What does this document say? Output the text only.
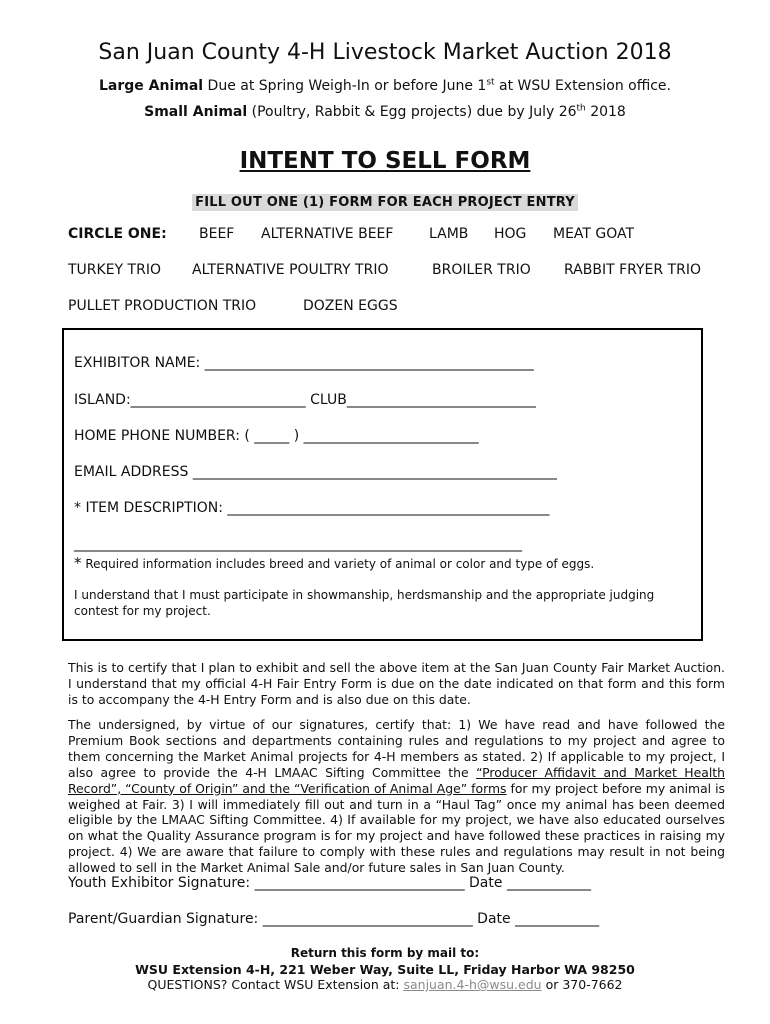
San Juan County 4-H Livestock Market Auction 2018
Large Animal Due at Spring Weigh-In or before June 1st at WSU Extension office.
Small Animal (Poultry, Rabbit & Egg projects) due by July 26th 2018
INTENT TO SELL FORM
FILL OUT ONE (1) FORM FOR EACH PROJECT ENTRY
CIRCLE ONE: BEEF ALTERNATIVE BEEF	LAMB HOG MEAT GOAT
TURKEY TRIO ALTERNATIVE POULTRY TRIO	BROILER TRIO RABBIT FRYER TRIO
PULLET PRODUCTION TRIO	DOZEN EGGS
EXHIBITOR NAME: _______________________________________________
ISLAND:_________________________ CLUB___________________________
HOME PHONE NUMBER: ( _____ ) _________________________
EMAIL ADDRESS ____________________________________________________
* ITEM DESCRIPTION: ______________________________________________
________________________________________________________________
* Required information includes breed and variety of animal or color and type of eggs.
I understand that I must participate in showmanship, herdsmanship and the appropriate judging contest for my project.
This is to certify that I plan to exhibit and sell the above item at the San Juan County Fair Market Auction. I understand that my official 4-H Fair Entry Form is due on the date indicated on that form and this form is to accompany the 4-H Entry Form and is also due on this date.
The undersigned, by virtue of our signatures, certify that: 1) We have read and have followed the Premium Book sections and departments containing rules and regulations to my project and agree to them concerning the Market Animal projects for 4-H members as stated. 2) If applicable to my project, I also agree to provide the 4-H LMAAC Sifting Committee the “Producer Affidavit and Market Health Record”, “County of Origin” and the “Verification of Animal Age” forms for my project before my animal is weighed at Fair. 3) I will immediately fill out and turn in a “Haul Tag” once my animal has been deemed eligible by the LMAAC Sifting Committee. 4) If available for my project, we have also educated ourselves on what the Quality Assurance program is for my project and have followed these practices in raising my project. 4) We are aware that failure to comply with these rules and regulations may result in not being allowed to sell in the Market Animal Sale and/or future sales in San Juan County.
Youth Exhibitor Signature: ______________________________ Date ____________
Parent/Guardian Signature: ______________________________ Date ____________
Return this form by mail to:
WSU Extension 4-H, 221 Weber Way, Suite LL, Friday Harbor WA 98250
QUESTIONS? Contact WSU Extension at: sanjuan.4-h@wsu.edu or 370-7662
